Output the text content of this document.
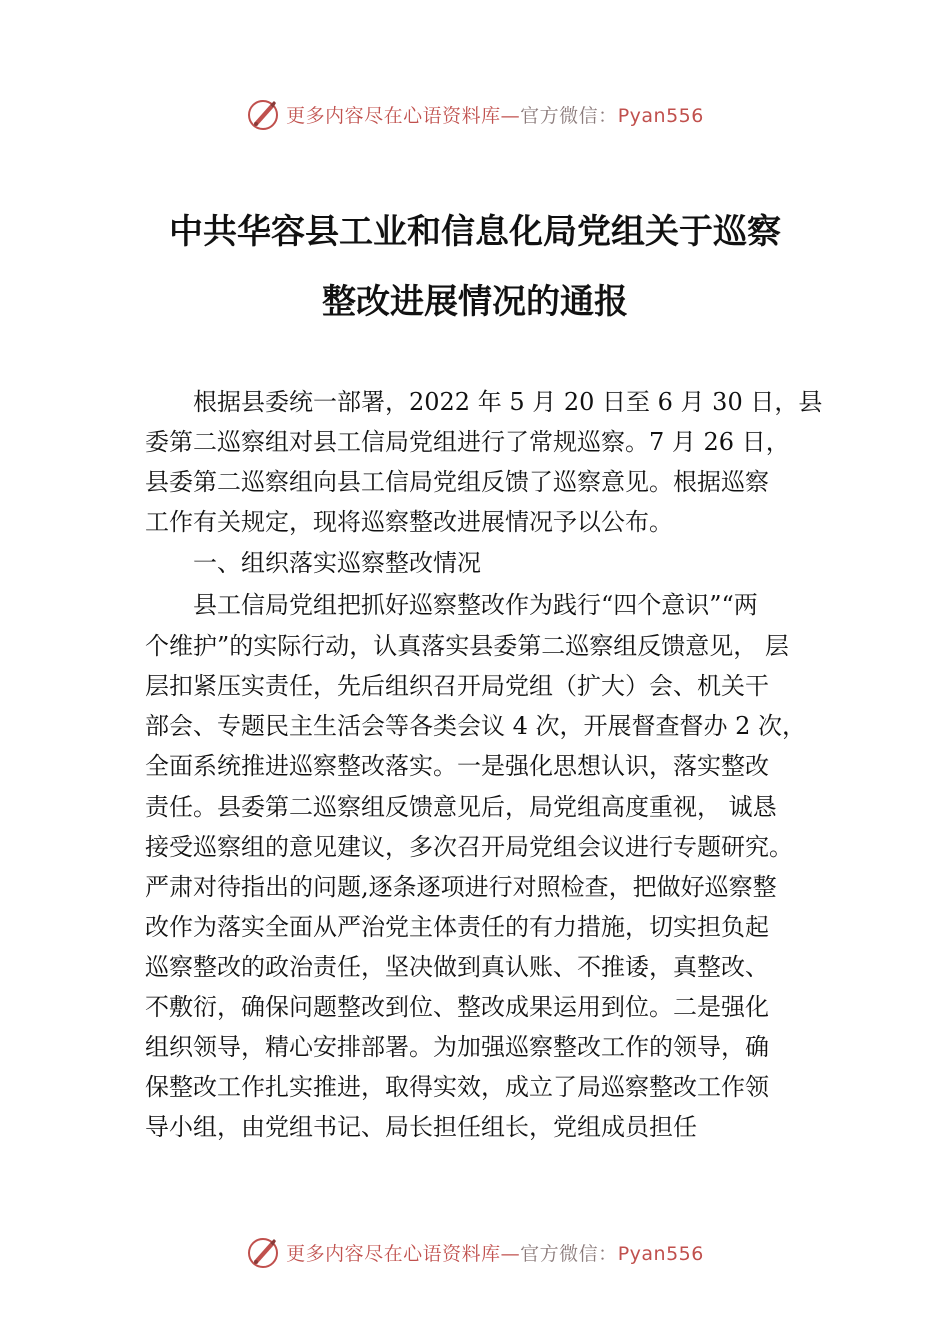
更多内容尽在心语资料库—官方微信：Pyan556
中共华容县工业和信息化局党组关于巡察
整改进展情况的通报
　　根据县委统一部署，2022 年 5 月 20 日至 6 月 30 日，县
委第二巡察组对县工信局党组进行了常规巡察。7 月 26 日，
县委第二巡察组向县工信局党组反馈了巡察意见。根据巡察
工作有关规定，现将巡察整改进展情况予以公布。
　　一、组织落实巡察整改情况
　　县工信局党组把抓好巡察整改作为践行“四个意识”“两
个维护”的实际行动，认真落实县委第二巡察组反馈意见， 层
层扣紧压实责任，先后组织召开局党组（扩大）会、机关干
部会、专题民主生活会等各类会议 4 次，开展督查督办 2 次，
全面系统推进巡察整改落实。一是强化思想认识，落实整改
责任。县委第二巡察组反馈意见后，局党组高度重视， 诚恳
接受巡察组的意见建议，多次召开局党组会议进行专题研究。
严肃对待指出的问题,逐条逐项进行对照检查，把做好巡察整
改作为落实全面从严治党主体责任的有力措施，切实担负起
巡察整改的政治责任，坚决做到真认账、不推诿，真整改、
不敷衍，确保问题整改到位、整改成果运用到位。二是强化
组织领导，精心安排部署。为加强巡察整改工作的领导，确
保整改工作扎实推进，取得实效，成立了局巡察整改工作领
导小组，由党组书记、局长担任组长，党组成员担任
更多内容尽在心语资料库—官方微信：Pyan556
